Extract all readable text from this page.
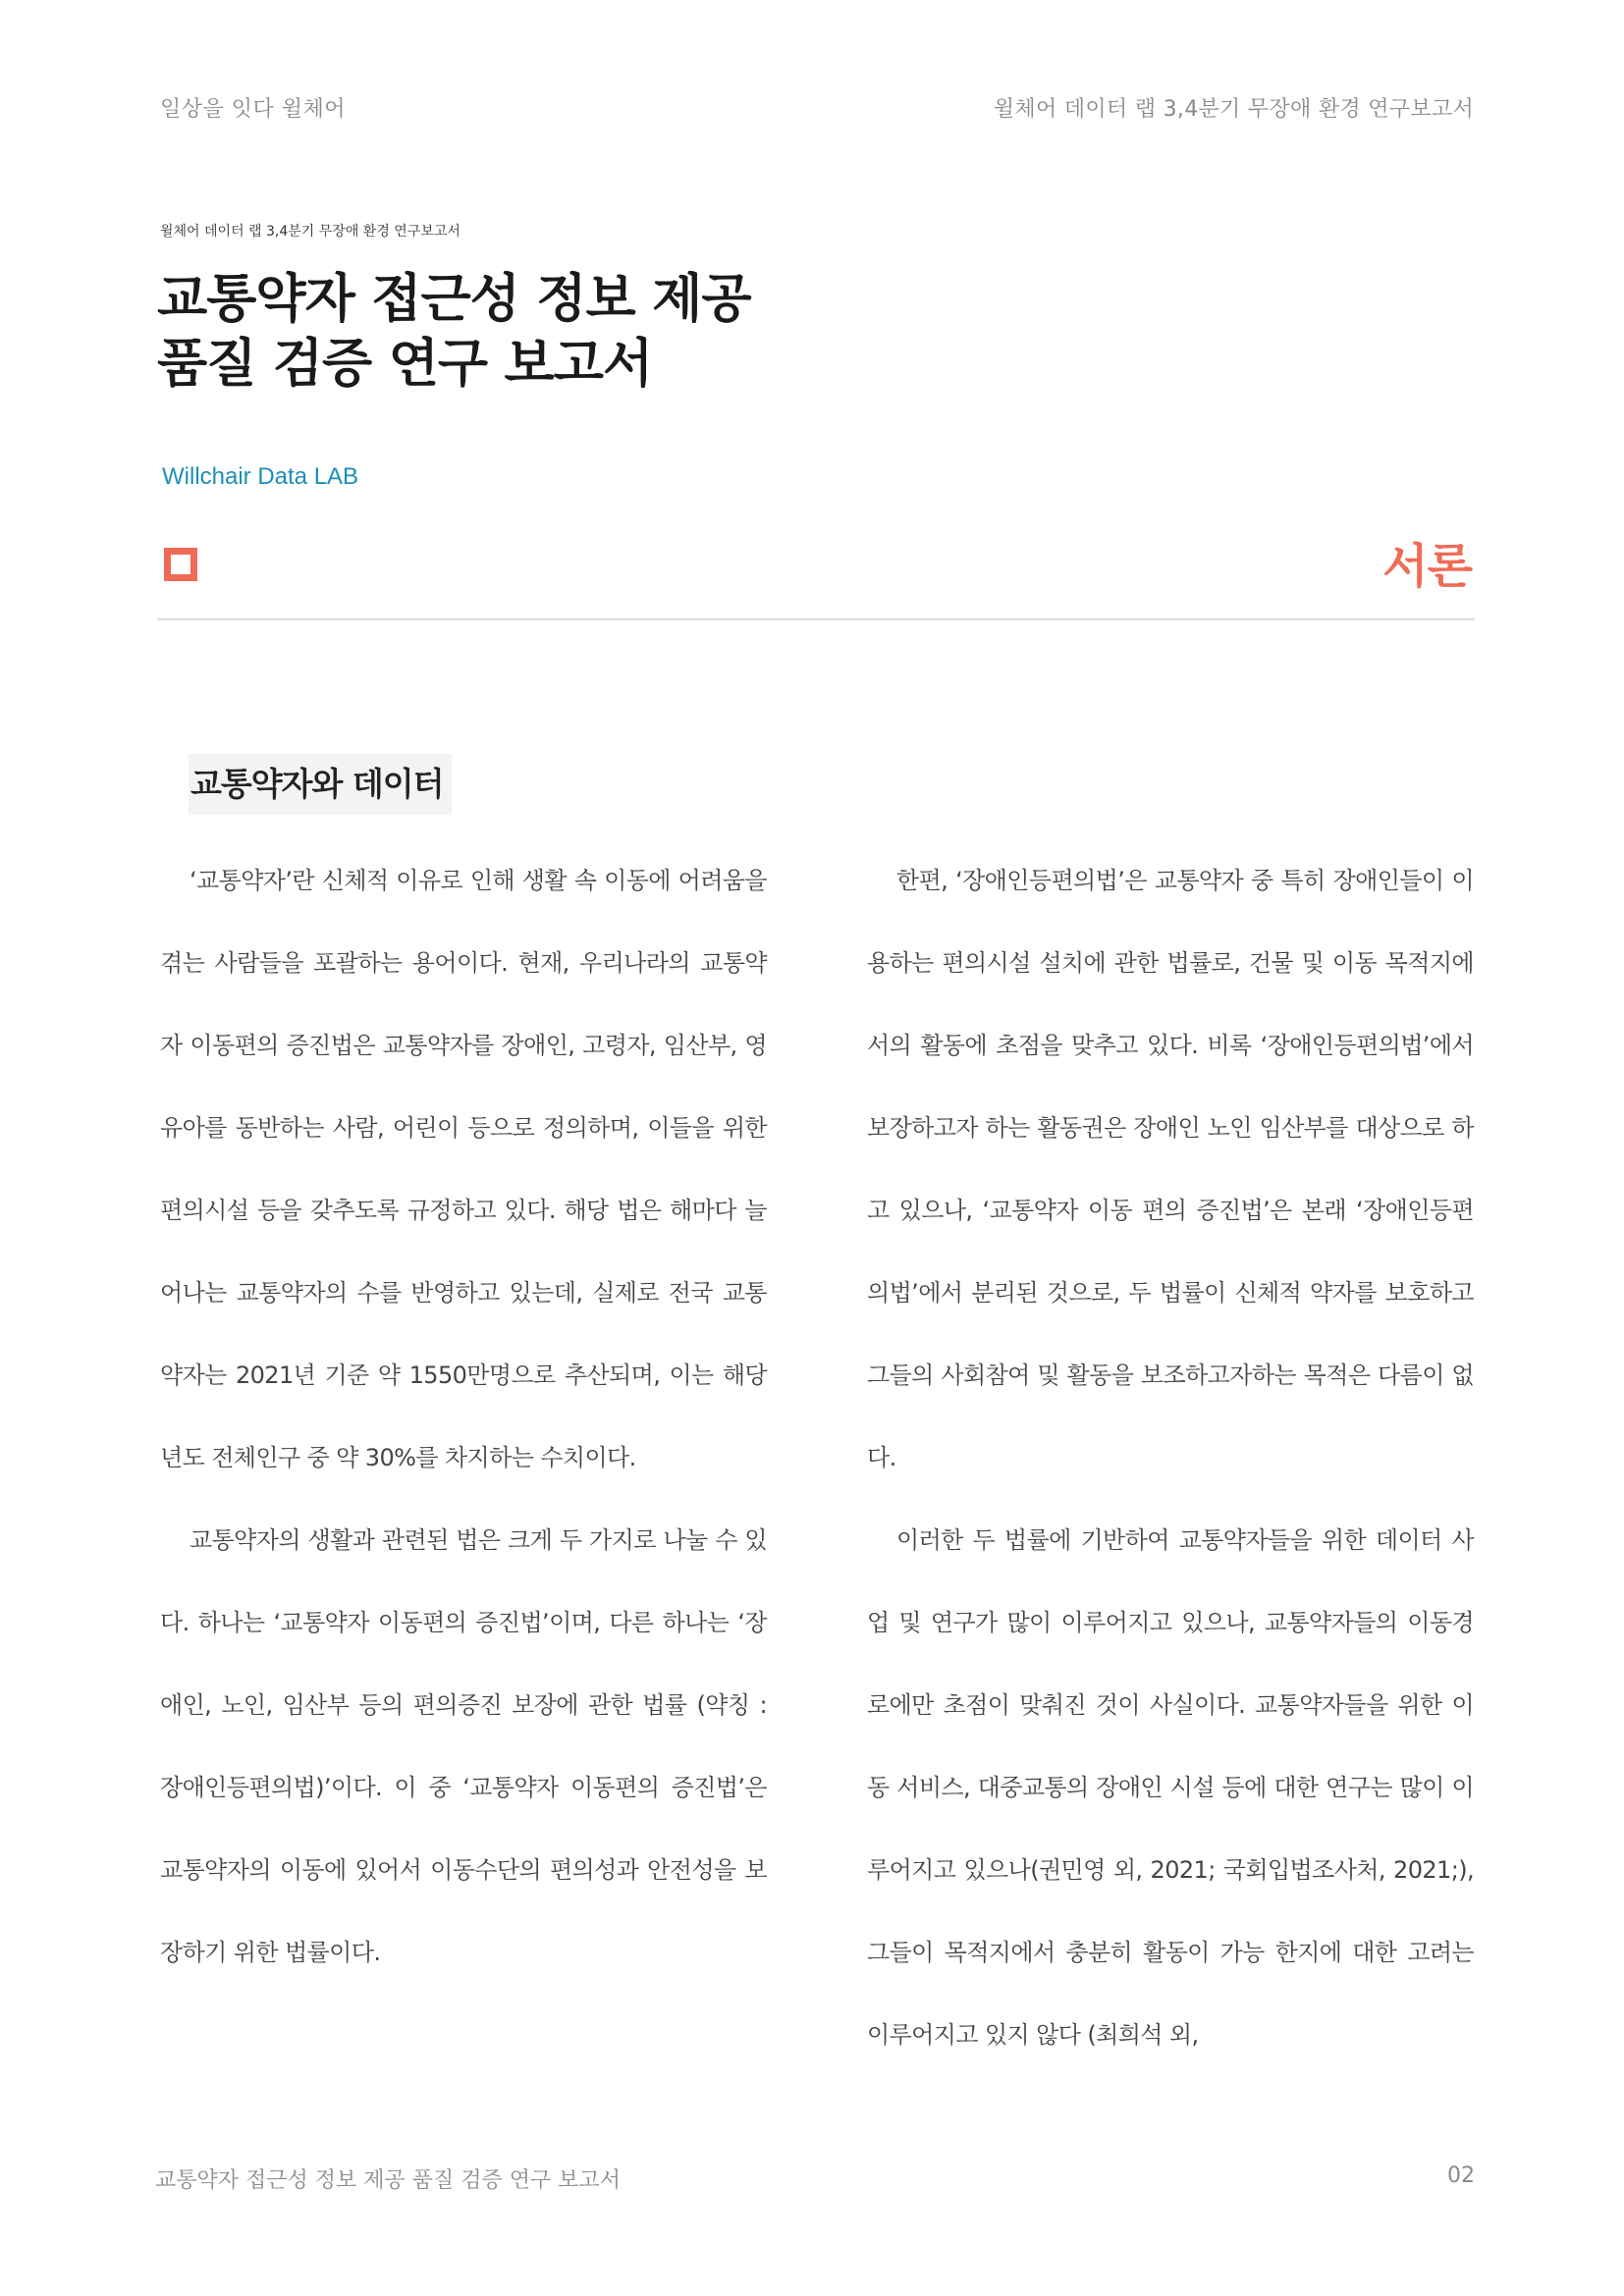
일상을 잇다 윌체어	윌체어 데이터 랩 3,4분기 무장애 환경 연구보고서
윌체어 데이터 랩 3,4분기 무장애 환경 연구보고서
교통약자 접근성 정보 제공
품질 검증 연구 보고서
Willchair Data LAB
서론
교통약자와 데이터

‘교통약자’란 신체적 이유로 인해 생활 속 이동에 어려움을 겪는 사람들을 포괄하는 용어이다. 현재, 우리나라의 교통약자 이동편의 증진법은 교통약자를 장애인, 고령자, 임산부, 영유아를 동반하는 사람, 어린이 등으로 정의하며, 이들을 위한 편의시설 등을 갖추도록 규정하고 있다. 해당 법은 해마다 늘어나는 교통약자의 수를 반영하고 있는데, 실제로 전국 교통약자는 2021년 기준 약 1550만명으로 추산되며, 이는 해당년도 전체인구 중 약 30%를 차지하는 수치이다.

교통약자의 생활과 관련된 법은 크게 두 가지로 나눌 수 있다. 하나는 ‘교통약자 이동편의 증진법’이며, 다른 하나는 ‘장애인, 노인, 임산부 등의 편의증진 보장에 관한 법률 (약칭 : 장애인등편의법)’이다. 이 중 ‘교통약자 이동편의 증진법’은 교통약자의 이동에 있어서 이동수단의 편의성과 안전성을 보장하기 위한 법률이다.

한편, ‘장애인등편의법’은 교통약자 중 특히 장애인들이 이용하는 편의시설 설치에 관한 법률로, 건물 및 이동 목적지에서의 활동에 초점을 맞추고 있다. 비록 ‘장애인등편의법’에서 보장하고자 하는 활동권은 장애인 노인 임산부를 대상으로 하고 있으나, ‘교통약자 이동 편의 증진법’은 본래 ‘장애인등편의법’에서 분리된 것으로, 두 법률이 신체적 약자를 보호하고 그들의 사회참여 및 활동을 보조하고자하는 목적은 다름이 없다.

이러한 두 법률에 기반하여 교통약자들을 위한 데이터 사업 및 연구가 많이 이루어지고 있으나, 교통약자들의 이동경로에만 초점이 맞춰진 것이 사실이다. 교통약자들을 위한 이동 서비스, 대중교통의 장애인 시설 등에 대한 연구는 많이 이루어지고 있으나(권민영 외, 2021; 국회입법조사처, 2021;), 그들이 목적지에서 충분히 활동이 가능 한지에 대한 고려는 이루어지고 있지 않다 (최희석 외,

교통약자 접근성 정보 제공 품질 검증 연구 보고서	02
